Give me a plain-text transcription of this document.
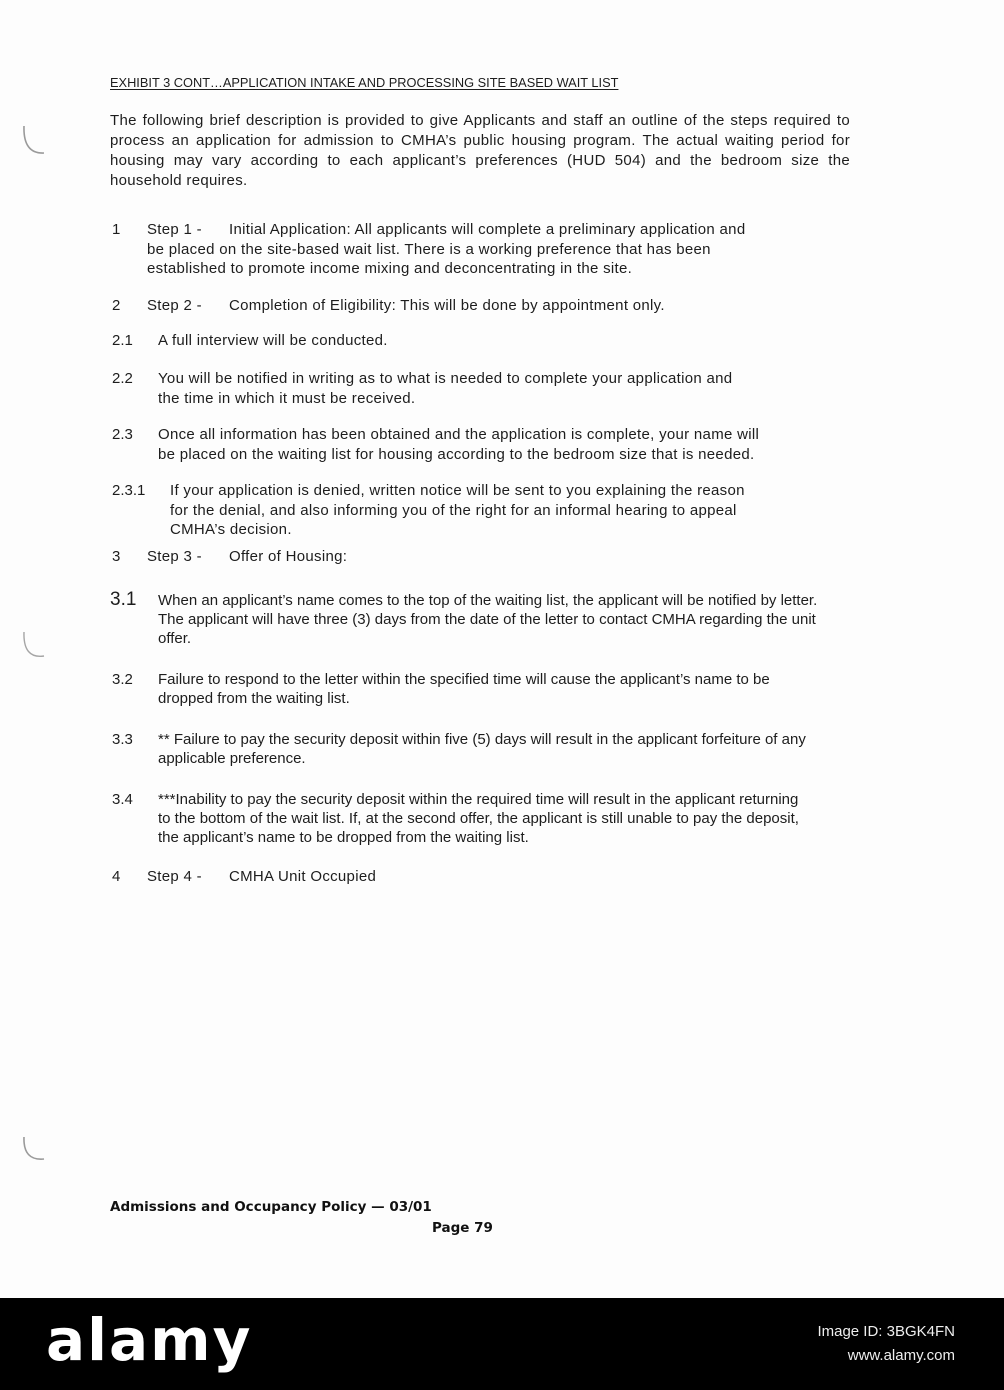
EXHIBIT 3 CONT…APPLICATION INTAKE AND PROCESSING SITE BASED WAIT LIST
The following brief description is provided to give Applicants and staff an outline of the steps required to
process an application for admission to CMHA’s public housing program. The actual waiting period for
housing may vary according to each applicant’s preferences (HUD 504) and the bedroom size the
household requires.
1 Step 1 - Initial Application: All applicants will complete a preliminary application and
be placed on the site-based wait list. There is a working preference that has been
established to promote income mixing and deconcentrating in the site.
2 Step 2 - Completion of Eligibility: This will be done by appointment only.
2.1 A full interview will be conducted.
2.2 You will be notified in writing as to what is needed to complete your application and
the time in which it must be received.
2.3 Once all information has been obtained and the application is complete, your name will
be placed on the waiting list for housing according to the bedroom size that is needed.
2.3.1 If your application is denied, written notice will be sent to you explaining the reason
for the denial, and also informing you of the right for an informal hearing to appeal
CMHA’s decision.
3 Step 3 - Offer of Housing:
3.1 When an applicant’s name comes to the top of the waiting list, the applicant will be notified by letter.
The applicant will have three (3) days from the date of the letter to contact CMHA regarding the unit
offer.
3.2 Failure to respond to the letter within the specified time will cause the applicant’s name to be
dropped from the waiting list.
3.3 ** Failure to pay the security deposit within five (5) days will result in the applicant forfeiture of any
applicable preference.
3.4 ***Inability to pay the security deposit within the required time will result in the applicant returning
to the bottom of the wait list. If, at the second offer, the applicant is still unable to pay the deposit,
the applicant’s name to be dropped from the waiting list.
4 Step 4 - CMHA Unit Occupied
Admissions and Occupancy Policy — 03/01
Page 79
alamy	Image ID: 3BGK4FN
www.alamy.com
